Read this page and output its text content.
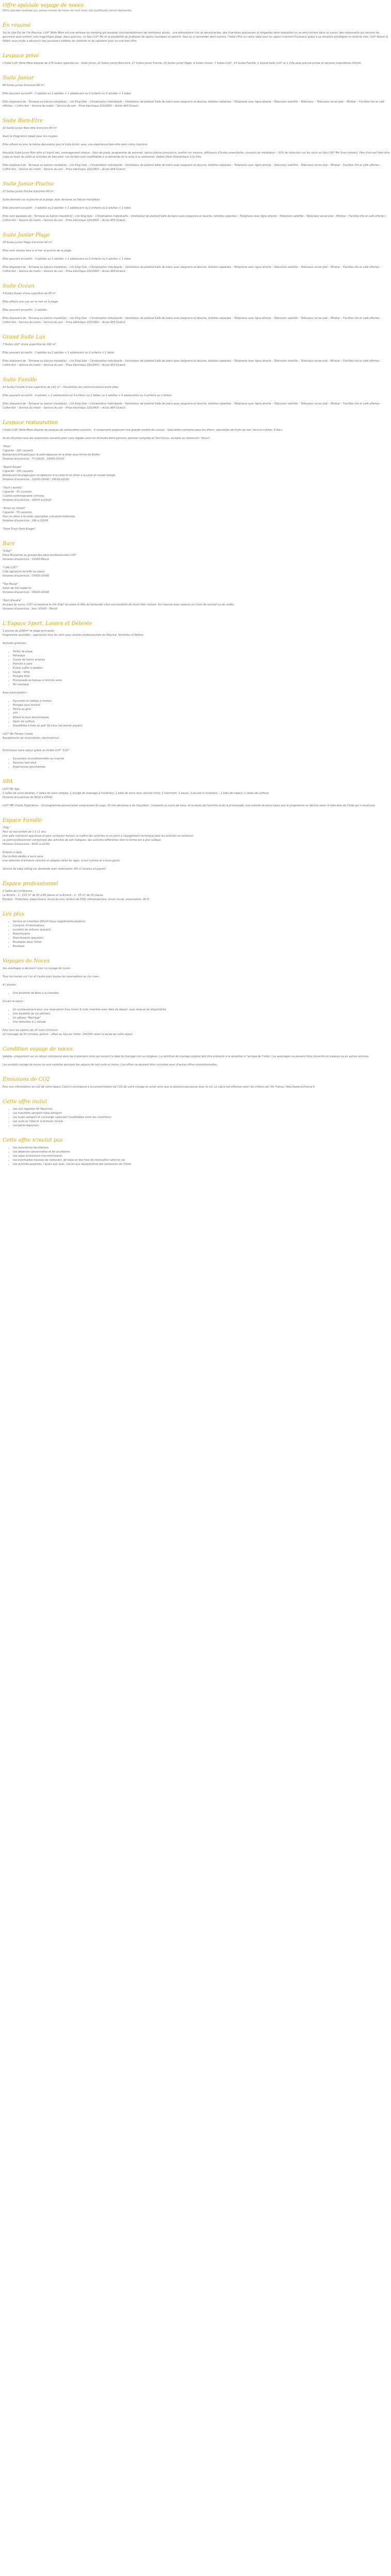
Offre spéciale voyage de noces
Offre spéciale réservée aux jeunes mariés de moins de neuf mois, des justificatifs seront demandés.
En résumé

Sur la côte Est de l'Ile Maurice, LUX* Belle Mare est une adresse de standing qui possède incontestablement de nombreux atouts : une atmosphère chic et décontractée, des chambres spacieuses et élégantes dans lesquelles on se sent comme dans un cocon, des restaurants qui sauront les gourmets avec entrain, une magnifique plage, deux piscines, un Spa LUX* Me et la possibilité de pratiquer de sports nautiques et sportifs. Seul ou à cocoonder demi-voisins, l'hôtel offre un cadre idéal pour un séjour vraiment fructueux grâce à sa situation privilégiée en bord de mer. LUX* Résort & Hôtels vous invite à découvrir des occasions inédites de célébrité et de satisfaire pour un vrai bien-être.

Lespace privé

L'hôtel LUX* Belle Mare dispose de 174 Suites réparties en : Suite Junior, 22 Suites Junior Bien-être, 27 Suites Junior Piscine, 25 Suites Junior Plage, 4 Suites Océan, 7 Suites LUX*, 14 Suites Famille, 1 Grand Suite LUX* et 1 Villa avec piscine privée et services majordome 24h/24.

Suite Junior

68 Suites Junior d'environ 60 m².

Elles peuvent accueillir : 3 adultes ou 2 adultes + 1 adolescent ou 2 enfants ou 2 adultes + 1 bébé.

Elles disposent de : Terrasse ou balcon meublé(e) – Lits King Size – Climatisation individuelle – Ventilateur de plafond Salle de bains avec baignoire et douche, toilettes séparées – Téléphone avec ligne directe – Télévision satellite – Téléviseur – Téléviseur écran plat – Minibar – Facilités thé et café offertes – Coffre-fort – Service du matin – Service du soir – Prise électrique 220/240V – Accès Wifi Gratuit.

Suite Bien-Etre

22 Suites Junior Bien-être d'environ 60 m².

Avec la Intégration idéale pour les couples.

Elles offrent en plus la même décoration que la Suite Junior, avec une expérience bien-être dans votre chambre.

Nouvelle Suite Junior Bien-être à l'esprit zen, aménagement unique – Bain de pieds, programme de sommeil, option pleine conscience, oreiller sur mesure, diffuseurs d'huiles essentielles, coussins de méditation – 30% de réduction sur les soins au Spa LUX* Me (hors forfaits). Plan d'accueil bien-être, yoga au lever du soleil et activités de bien-être. Les forfaits sont modifiables à la demande de la suite à la cérémonie. Option Dîner Romantique à la Villa.

Elles disposent de : Terrasse ou balcon meublé(e) – Lits King Size – Climatisation individuelle – Ventilateur de plafond Salle de bains avec baignoire et douche, toilettes séparées – Téléphone avec ligne directe – Télévision satellite – Téléviseur écran plat – Minibar – Facilités thé et café offertes – Coffre-fort – Service du matin – Service du soir – Prise électrique 220/240V – Accès Wifi Gratuit.

Suite Junior Piscine

27 Suites Junior Piscine d'environ 60 m².

Suite donnant sur la piscine et la plage, avec terrasse ou balcon meublé(e).

Elles peuvent accueillir : 3 adultes ou 2 adultes + 1 adolescent ou 2 enfants ou 2 adultes + 1 bébé.

Elles sont équipées de : Terrasse ou balcon meublé(e) – Lits King Size – Climatisation individuelle – Ventilateur de plafond Salle de bains avec baignoire et douche, toilettes séparées – Téléphone avec ligne directe – Télévision satellite – Téléviseur écran plat – Minibar – Facilités thé et café offertes – Coffre-fort – Service du matin – Service du soir – Prise électrique 220/240V – Accès Wifi Gratuit.

Suite Junior Plage

25 Suites Junior Plage d'environ 60 m².

Elles sont situées face à la mer et proche de la plage.

Elles peuvent accueillir : 3 adultes ou 2 adultes + 1 adolescent ou 2 enfants ou 2 adultes + 1 bébé.

Elles disposent de : Terrasse ou balcon meublé(e) – Lits King Size – Climatisation individuelle – Ventilateur de plafond Salle de bains avec baignoire et douche, toilettes séparées – Téléphone avec ligne directe – Télévision satellite – Téléviseur écran plat – Minibar – Facilités thé et café offertes – Coffre-fort – Service du matin – Service du soir – Prise électrique 220/240V – Accès Wifi Gratuit.

Suite Océan

4 Suites Océan d'une superficie de 95 m².

Elles offrent une vue sur la mer et la plage.

Elles peuvent accueillir : 2 adultes.

Elles disposent de : Terrasse ou balcon meublé(e) – Lits King Size – Climatisation individuelle – Ventilateur de plafond Salle de bains avec baignoire et douche, toilettes séparées – Téléphone avec ligne directe – Télévision satellite – Téléviseur écran plat – Minibar – Facilités thé et café offertes – Coffre-fort – Service du matin – Service du soir – Prise électrique 220/240V – Accès Wifi Gratuit.

Grand Suite Lux

7 Suites LUX* d'une superficie de 140 m².

Elles peuvent accueillir : 3 adultes ou 2 adultes + 1 adolescent ou 2 enfants + 1 bébé.

Elles disposent de : Terrasse ou balcon meublé(e) – Lits King Size – Climatisation individuelle – Ventilateur de plafond Salle de bains avec baignoire et douche, toilettes séparées – Téléphone avec ligne directe – Télévision satellite – Téléviseur écran plat – Minibar – Facilités thé et café offertes – Coffre-fort – Service du matin – Service du soir – Prise électrique 220/240V – Accès Wifi Gratuit.

Suite Famille

14 Suites Famille d'une superficie de 120 m² – Possibilités de communications entre elles.

Elles peuvent accueillir : 4 adultes + 2 adolescents ou 4 enfants ou 2 bébés ou 2 adultes + 4 adolescents ou 4 enfants ou 2 bébés.

Elles disposent de : Terrasse ou balcon meublé(e) – Lits King Size – Climatisation individuelle – Ventilateur de plafond Salle de bains avec baignoire et douche, toilettes séparées – Téléphone avec ligne directe – Télévision satellite – Téléviseur écran plat – Minibar – Facilités thé et café offertes – Coffre-fort – Service du matin – Service du soir – Prise électrique 220/240V – Accès Wifi Gratuit.

Lespace restauration

L'hôtel LUX* Belle Mare dispose de espaces de restauration suivants : 4 restaurants proposant une grande variété de cuisine – Spécialités culinaires pour les dîners, spécialités de fruits de mer. Service à Dîner, 8 Bars.

Accès Dîneriez-nous les restaurants suivants pour vous régaler, pour les formules demi-pension, pension complète et Tout Inclus, excepté au restaurant "Amari".

"Mixe"
Capacité : 200 couverts
Restaurant principal pour le petit-déjeuner et le dîner sous forme de Buffet.
Horaires d'ouverture : 7h-10h30 ; 19h00-22h30

"Beach Rouge"
Capacité : 100 couverts
Restaurant de plage pour un déjeuner à la carte et un dîner à la carte et sunset lounge.
Horaires d'ouverture : 12h30-15h00 / 19h30-22h30

"Duck Laundry"
Capacité : 45 couverts
Cuisine contemporaine chinoise.
Horaires d'ouverture : 18h30 à 22h30

"Amari by Vineet"
Capacité : 55 couverts
Pour un dîner à la carte, spécialités culinaires Indiennes.
Horaires d'ouverture : 19h à 22h30

"Pavé Truck Patio Burger"

Bars

"K-Bar"
Pièce Économie au groupe des deux-professionnels LUX*
Horaires d'ouverture : 10h00-Minuit

"Cafe LUX*"
Café signature torréfié sur place.
Horaires d'ouverture : 07h00-20h00

"Tea House"
Salon de thé moderne.
Horaires d'ouverture : 09h00-20h00

"Rest Alondra"
Au pays du sucre, LUX* occasionne le clin d'œil sur place le fête du bartender chez une bouteille de rhum faite maison. Sur mesure avec saveurs ou choix de cocktail ou de vodka.
Horaires d'ouverture : Jour. 10h00 – Minuit.

L'Espace Sport, Loisirs et Détente

1 piscine de 2000m² et plage principale.
Programme quotidien : spectacles tous les soirs avec artistes professionnels de Maurice, Séchelles et Nefore.

Activités gratuites :

• Volley de plage
• Pétanque
• Courts de tennis éclairés
• Planche à voile
• Ecoles voiles à pédales
• Kayak – Voile
• Plongée libre
• Promenade en bateau à fond de verre
• Ski nautique

Avec participation :

• Excursion en bateau à moteur
• Plongée sous-marine
• Pêche au gros
• VTT
• Billard et jeux électroniques
• Salon de coiffure
• Possibilités à faire du golf 18 trous (se rentrer payant)

LUX* Me Fitness Center
Equipements de musculation, électrostimul...

Enrichissez votre séjour grâce au forfait LUX* "LUX" :

• Excursions inconditionnelles au marché
• Séances bien-être
• Expériences gourmandes
SPA

LUX* Me Spa
2 salles de soins doubles, 7 salles de soins simples, 1 lounge de massage à l'extérieur, 1 salle de soins avec douche Vichy, 1 hammam, 1 sauna, 1 jacuzzi à l'extérieur – 1 bain de vapeur, 2 salles de coiffure.
Horaires d'ouverture de 9h00 à 20h00.

LUX* ME Vitality Experience : Un programme personnalisé comprenant du yoga, 30 min dévolues à de l'équilibre. Comporte un cours de lotus, et la durée de l'activité et de la promenade, une activité de deux types que le programme se décline selon le bien-être de l'hôte qui n'aurait pas.

Espace Famille

"Play"
Pour se tout enfant de 3 à 11 ans.
Une salle intérieure spacieuse et pour contacter facteur, le maître des activités et un point à l'équipement technique pour les activités en extérieur.
Le point professionnel comportant des activités de soin ludiques, des activités différentes dont la forme est à plus ludique.
Horaires d'ouverture : 9h00 à 22h00

Enfants à table
Des buffets dédiés à leurs sens.
Une sélection d'aliments naturels et adaptés selon les âges, à leur rythme et à leurs goûts.

Service de baby-sitting sur demande avec réservation 24h à l'avance et payant.

Espace professionnel

2 Salles de Conférence :
La Rivière : 1 : 115 m² de 60 à 80 places et la Rivière : 2 : 55 m² de 30 places.
Equipés : Projecteur, paper-board, écran de mur, lecteur de DVD, rétroprojecteur, écran mural, sonorisation, Wi-Fi.

Les plus
• Service en chambre 24h/24 (tous suppléments payants)
• Comptoir d'informations
• Location de voitures (payant)
• Blanchisserie
• Blanchisserie (payante)
• Boutiques dans l'hôtel
• Boutique
Voyages de Noces

Vos avantages à découvrir pour ce voyage de noces :

Tous les mariés sur l'un et l'autre pour toutes les réservations au 1er mars :

A l'arrivée :

• Une bouteille de Rosé à la chambre

Durant le séjour :

• Un surclassement pour une réservation d'au moins 6 nuits chambre avec date de départ, sous réserve de disponibilité
• Une bouteille de vin pétillant
• Un gâteau "Marriage"
• Une réduction à 1 voiture

Pour tous les séjours de 10 nuits minimum :
Un massage de 30 minutes, gratuit – offert au Spa de l'hôtel, 24h/24h selon la durée de votre séjour.

Condition voyage de noces

Valable, uniquement sur un séjour commencé dans les 6 premiers mois qui suivent la date du mariage civil ou religieux. Le certificat de mariage original doit être présenté à la réception à l'arrivée de l'hôtel. Ces avantages ne peuvent être convertis en espèces ou en autres services.

Les produits voyage de noces ne sont valables que pour les séjours de huit nuits et moins. Ces offres ne peuvent être cumulées avec d'autres offres promotionnelles.

Émissions de CO2

Pour vos informations du co2 de votre séjour. Celui-ci correspond à la consommation de CO2 de votre voyage en avion ainsi que la distance parcourue avec le vol. Le calcul est effectué selon les critères de l'Air France. http://www.airfrance.fr

Cette offre inclut
• Les vols réguliers Air Mauritius
• Les transferts aéroport-hôtel-aéroport
• Les taxes aéroport et surcharge carburant (modifiables selon les conditions)
• Les nuits en hôtel et la formule choisie
• Les petits-déjeuners
Cette offre n'inclut pas
• Les assurances facultatives
• Les dépenses personnelles et les pourboires
• Les repas et boissons non mentionnés
• Les éventuelles hausses de carburant, de taxes et des frais de réservation selon le cas
• Les activités payantes, l'accès aux spas, l'accès aux équipements des ressources de l'hôtel
